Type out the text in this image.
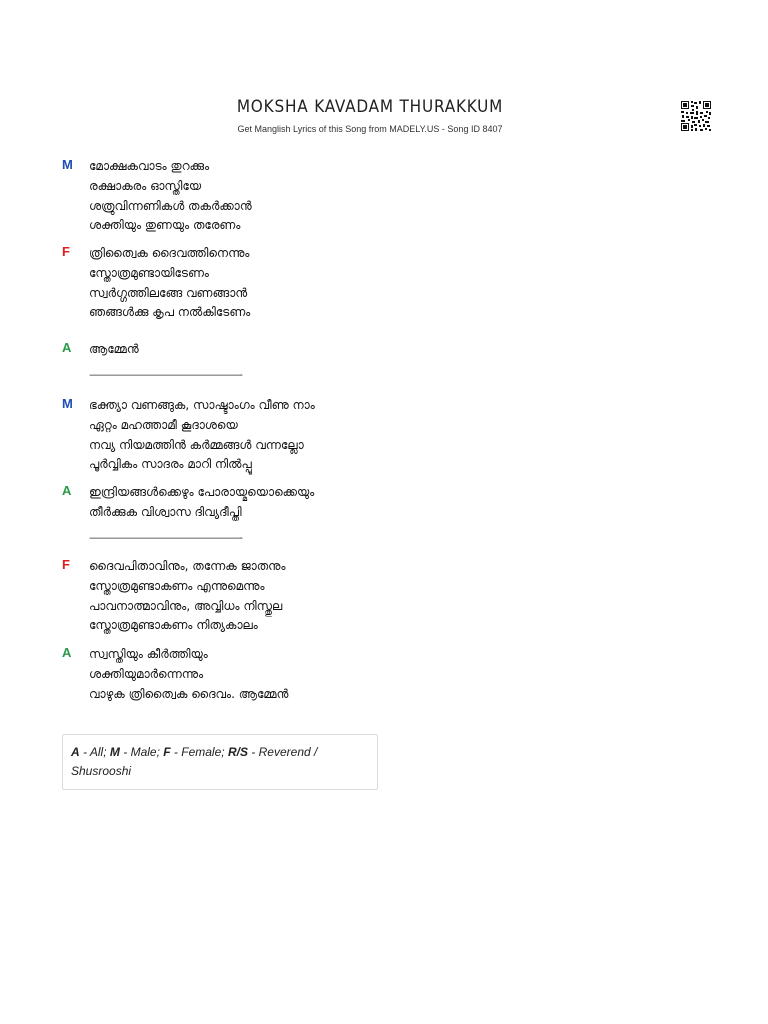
MOKSHA KAVADAM THURAKKUM
Get Manglish Lyrics of this Song from MADELY.US - Song ID 8407
M മോക്ഷകവാടം തുറക്കും
രക്ഷാകരം ഓസ്തിയേ
ശത്രുവിന്നണികൾ തകർക്കാൻ
ശക്തിയും തുണയും തരേണം
F ത്രിത്വൈക ദൈവത്തിനെന്നും
സ്തോത്രമുണ്ടായിടേണം
സ്വർഗ്ഗത്തിലങ്ങേ വണങ്ങാൻ
ഞങ്ങൾക്കു കൃപ നൽകിടേണം
A ആമ്മേൻ
———————————————-
M ഭക്ത്യാ വണങ്ങുക, സാഷ്ടാംഗം വീണു നാം
ഏറ്റം മഹത്താമീ കൂദാശയെ
നവ്യ നിയമത്തിൻ കർമ്മങ്ങൾ വന്നല്ലോ
പൂർവ്വികം സാദരം മാറി നിൽപ്പൂ
A ഇന്ദ്രിയങ്ങൾക്കെഴും പോരായ്മയൊക്കെയും
തീർക്കുക വിശ്വാസ ദിവ്യദീപ്തി
———————————————-
F ദൈവപിതാവിനും, തന്നേക ജാതനും
സ്തോത്രമുണ്ടാകണം എന്നുമെന്നും
പാവനാത്മാവിനും, അവ്വിധം നിസ്തുല
സ്തോത്രമുണ്ടാകണം നിത്യകാലം
A സ്വസ്തിയും കീർത്തിയും
ശക്തിയുമാർന്നെന്നും
വാഴുക ത്രിത്വൈക ദൈവം. ആമ്മേൻ
A - All; M - Male; F - Female; R/S - Reverend / Shusrooshi
